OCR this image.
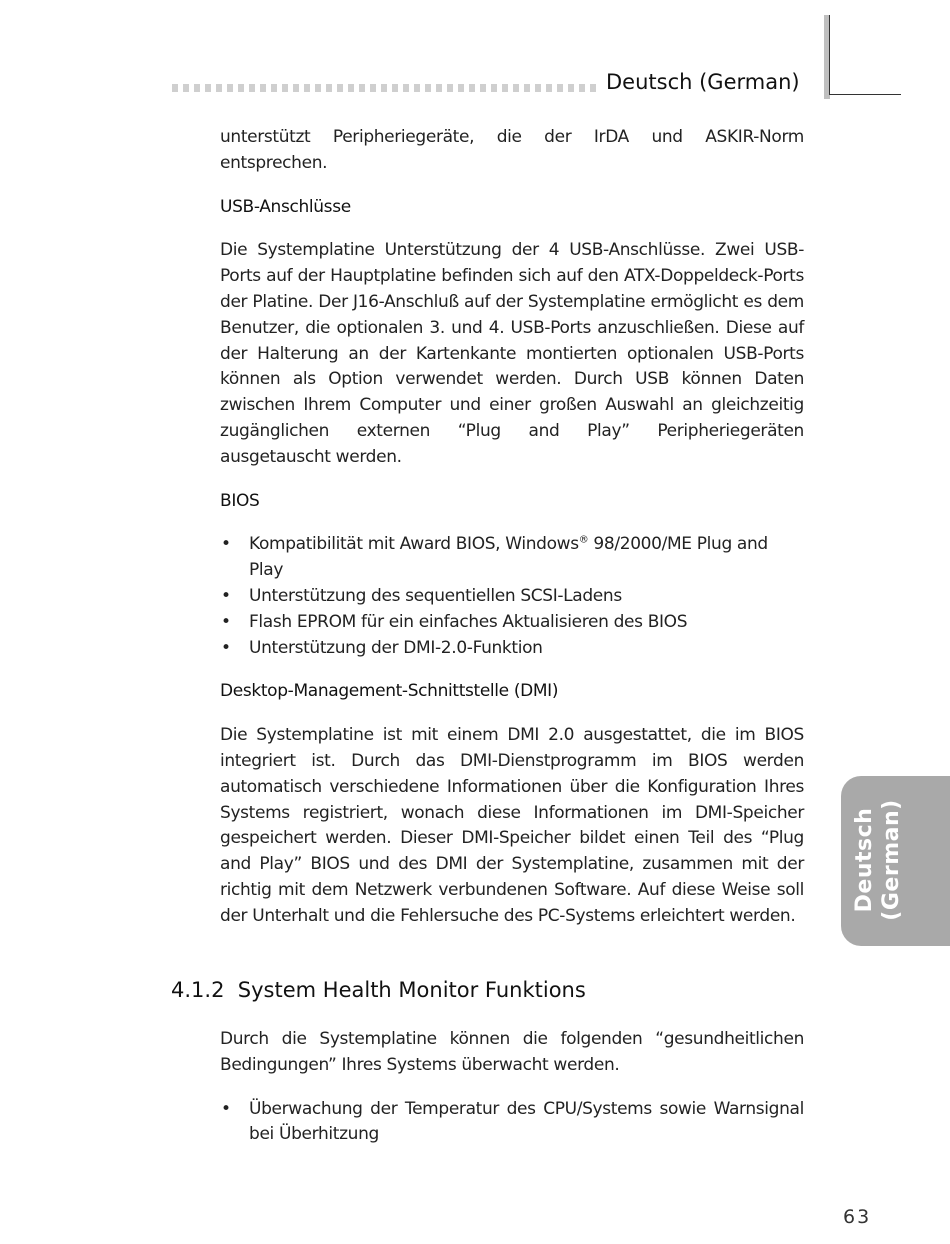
Deutsch (German)
Deutsch (German)

unterstützt Peripheriegeräte, die der IrDA und ASKIR-Norm entsprechen.

USB-Anschlüsse

Die Systemplatine Unterstützung der 4 USB-Anschlüsse. Zwei USB-Ports auf der Hauptplatine befinden sich auf den ATX-Doppeldeck-Ports der Platine. Der J16-Anschluß auf der Systemplatine ermöglicht es dem Benutzer, die optionalen 3. und 4. USB-Ports anzuschließen. Diese auf der Halterung an der Kartenkante montierten optionalen USB-Ports können als Option verwendet werden. Durch USB können Daten zwischen Ihrem Computer und einer großen Auswahl an gleichzeitig zugänglichen externen “Plug and Play” Peripheriegeräten ausgetauscht werden.

BIOS
• Kompatibilität mit Award BIOS, Windows® 98/2000/ME Plug and Play
• Unterstützung des sequentiellen SCSI-Ladens
• Flash EPROM für ein einfaches Aktualisieren des BIOS
• Unterstützung der DMI-2.0-Funktion
Desktop-Management-Schnittstelle (DMI)

Die Systemplatine ist mit einem DMI 2.0 ausgestattet, die im BIOS integriert ist. Durch das DMI-Dienstprogramm im BIOS werden automatisch verschiedene Informationen über die Konfiguration Ihres Systems registriert, wonach diese Informationen im DMI-Speicher gespeichert werden. Dieser DMI-Speicher bildet einen Teil des “Plug and Play” BIOS und des DMI der Systemplatine, zusammen mit der richtig mit dem Netzwerk verbundenen Software. Auf diese Weise soll der Unterhalt und die Fehlersuche des PC-Systems erleichtert werden.

4.1.2 System Health Monitor Funktions

Durch die Systemplatine können die folgenden “gesundheitlichen Bedingungen” Ihres Systems überwacht werden.

• Überwachung der Temperatur des CPU/Systems sowie Warnsignal bei Überhitzung
63
